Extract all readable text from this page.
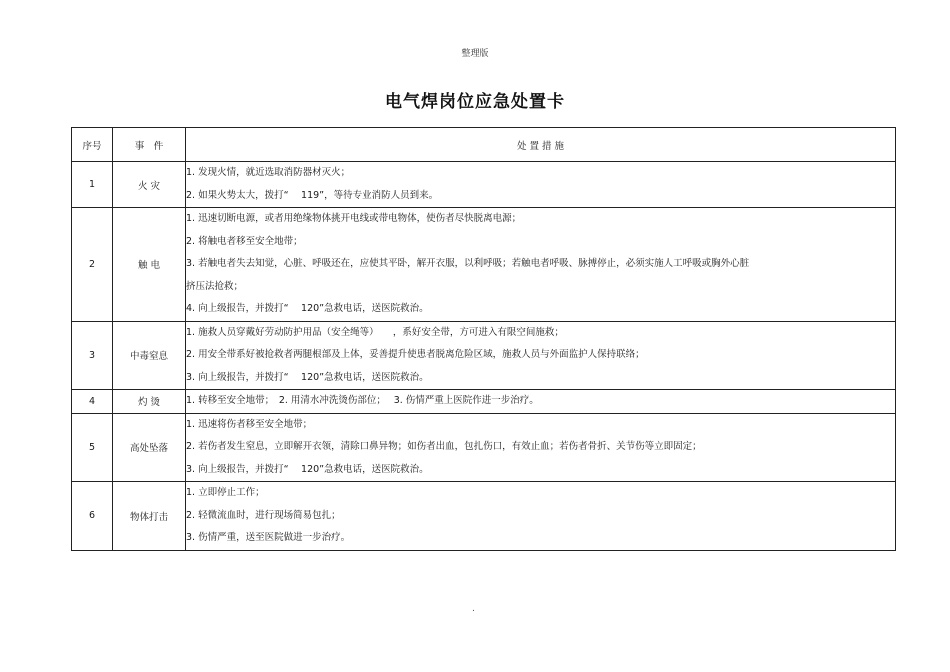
整理版
电气焊岗位应急处置卡
序号	事　件	处 置 措 施
1	火 灾	1. 发现火情，就近选取消防器材灭火；
2. 如果火势太大，拨打“　 119”，等待专业消防人员到来。

2	触 电	1. 迅速切断电源，或者用绝缘物体挑开电线或带电物体，使伤者尽快脱离电源；
2. 将触电者移至安全地带；
3. 若触电者失去知觉，心脏、呼吸还在，应使其平卧，解开衣服，以利呼吸；若触电者呼吸、脉搏停止，必须实施人工呼吸或胸外心脏
挤压法抢救；
4. 向上级报告，并拨打“　 120”急救电话，送医院救治。

3	中毒窒息	1. 施救人员穿戴好劳动防护用品（安全绳等）　　，系好安全带，方可进入有限空间施救；
2. 用安全带系好被抢救者两腿根部及上体，妥善提升使患者脱离危险区域，施救人员与外面监护人保持联络；
3. 向上级报告，并拨打“　 120”急救电话，送医院救治。

4	灼 烫	1. 转移至安全地带；　2. 用清水冲洗烫伤部位；　 3. 伤情严重上医院作进一步治疗。

5	高处坠落	1. 迅速将伤者移至安全地带；
2. 若伤者发生窒息，立即解开衣领，清除口鼻异物；如伤者出血，包扎伤口，有效止血；若伤者骨折、关节伤等立即固定；
3. 向上级报告，并拨打“　 120”急救电话，送医院救治。

6	物体打击	1. 立即停止工作；
2. 轻微流血时，进行现场简易包扎；
3. 伤情严重，送至医院做进一步治疗。
.
